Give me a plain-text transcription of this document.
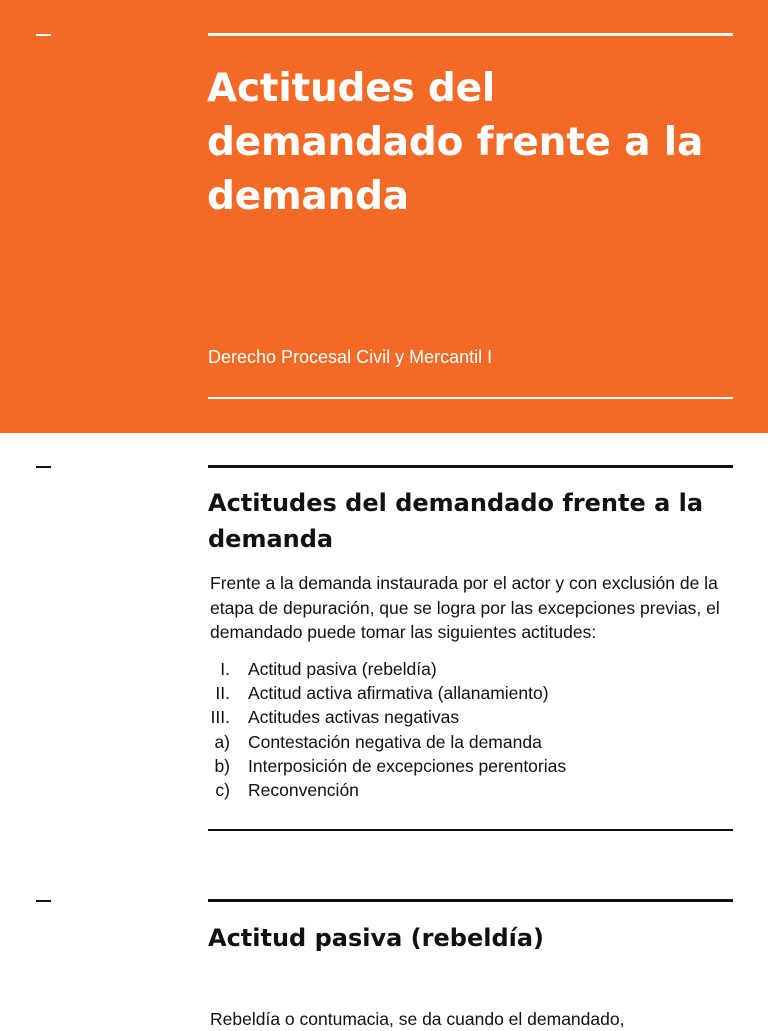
Actitudes del demandado frente a la demanda
Derecho Procesal Civil y Mercantil I
Actitudes del demandado frente a la demanda

Frente a la demanda instaurada por el actor y con exclusión de la etapa de depuración, que se logra por las excepciones previas, el demandado puede tomar las siguientes actitudes:

I.	Actitud pasiva (rebeldía)
II.	Actitud activa afirmativa (allanamiento)
III.	Actitudes activas negativas
a)	Contestación negativa de la demanda
b)	Interposición de excepciones perentorias
c)	Reconvención
Actitud pasiva (rebeldía)

Rebeldía o contumacia, se da cuando el demandado,
